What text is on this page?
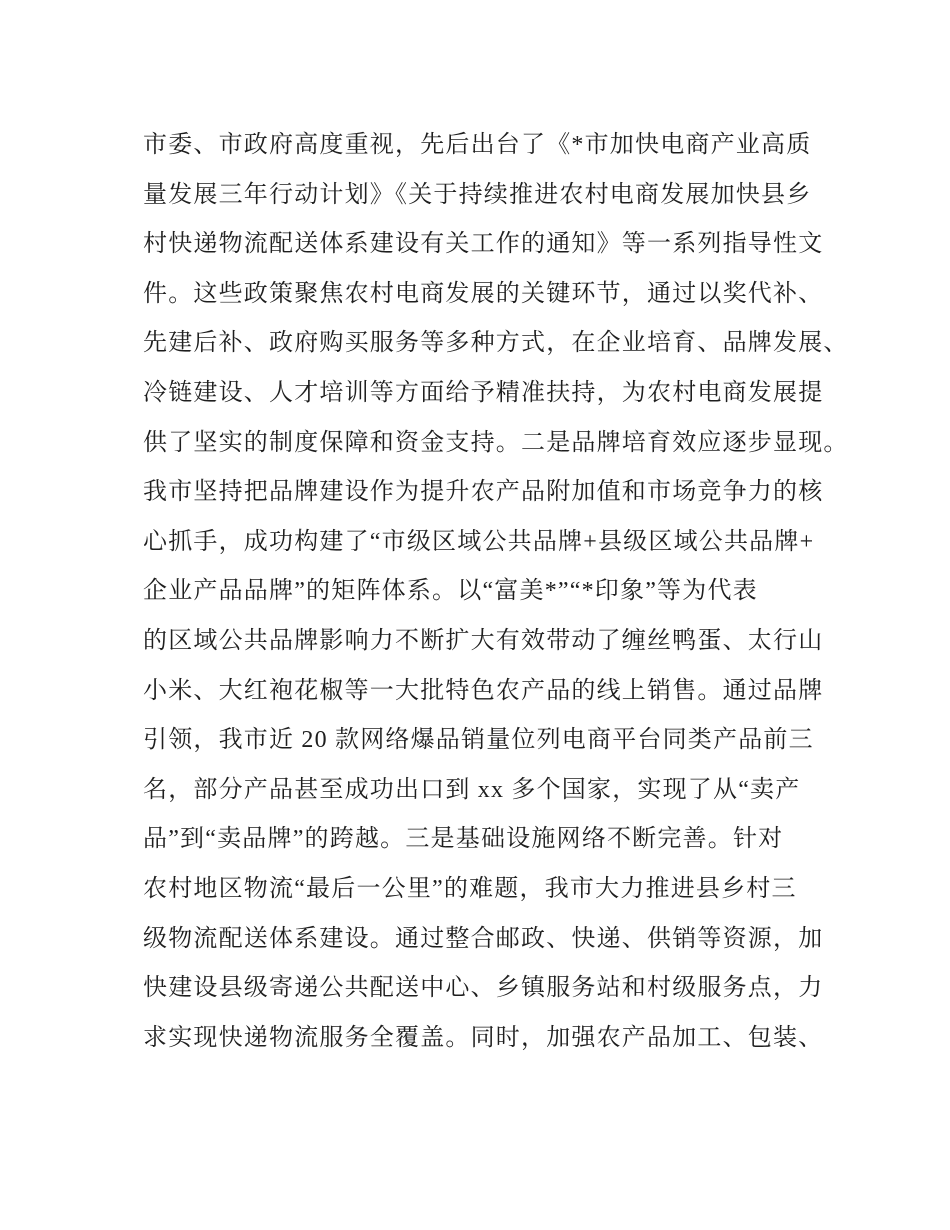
市委、市政府高度重视，先后出台了《*市加快电商产业高质
量发展三年行动计划》《关于持续推进农村电商发展加快县乡
村快递物流配送体系建设有关工作的通知》等一系列指导性文
件。这些政策聚焦农村电商发展的关键环节，通过以奖代补、
先建后补、政府购买服务等多种方式，在企业培育、品牌发展、
冷链建设、人才培训等方面给予精准扶持，为农村电商发展提
供了坚实的制度保障和资金支持。二是品牌培育效应逐步显现。
我市坚持把品牌建设作为提升农产品附加值和市场竞争力的核
心抓手，成功构建了“市级区域公共品牌+县级区域公共品牌+
企业产品品牌”的矩阵体系。以“富美*”“*印象”等为代表
的区域公共品牌影响力不断扩大有效带动了缠丝鸭蛋、太行山
小米、大红袍花椒等一大批特色农产品的线上销售。通过品牌
引领，我市近 20 款网络爆品销量位列电商平台同类产品前三
名，部分产品甚至成功出口到 xx 多个国家，实现了从“卖产
品”到“卖品牌”的跨越。三是基础设施网络不断完善。针对
农村地区物流“最后一公里”的难题，我市大力推进县乡村三
级物流配送体系建设。通过整合邮政、快递、供销等资源，加
快建设县级寄递公共配送中心、乡镇服务站和村级服务点，力
求实现快递物流服务全覆盖。同时，加强农产品加工、包装、
